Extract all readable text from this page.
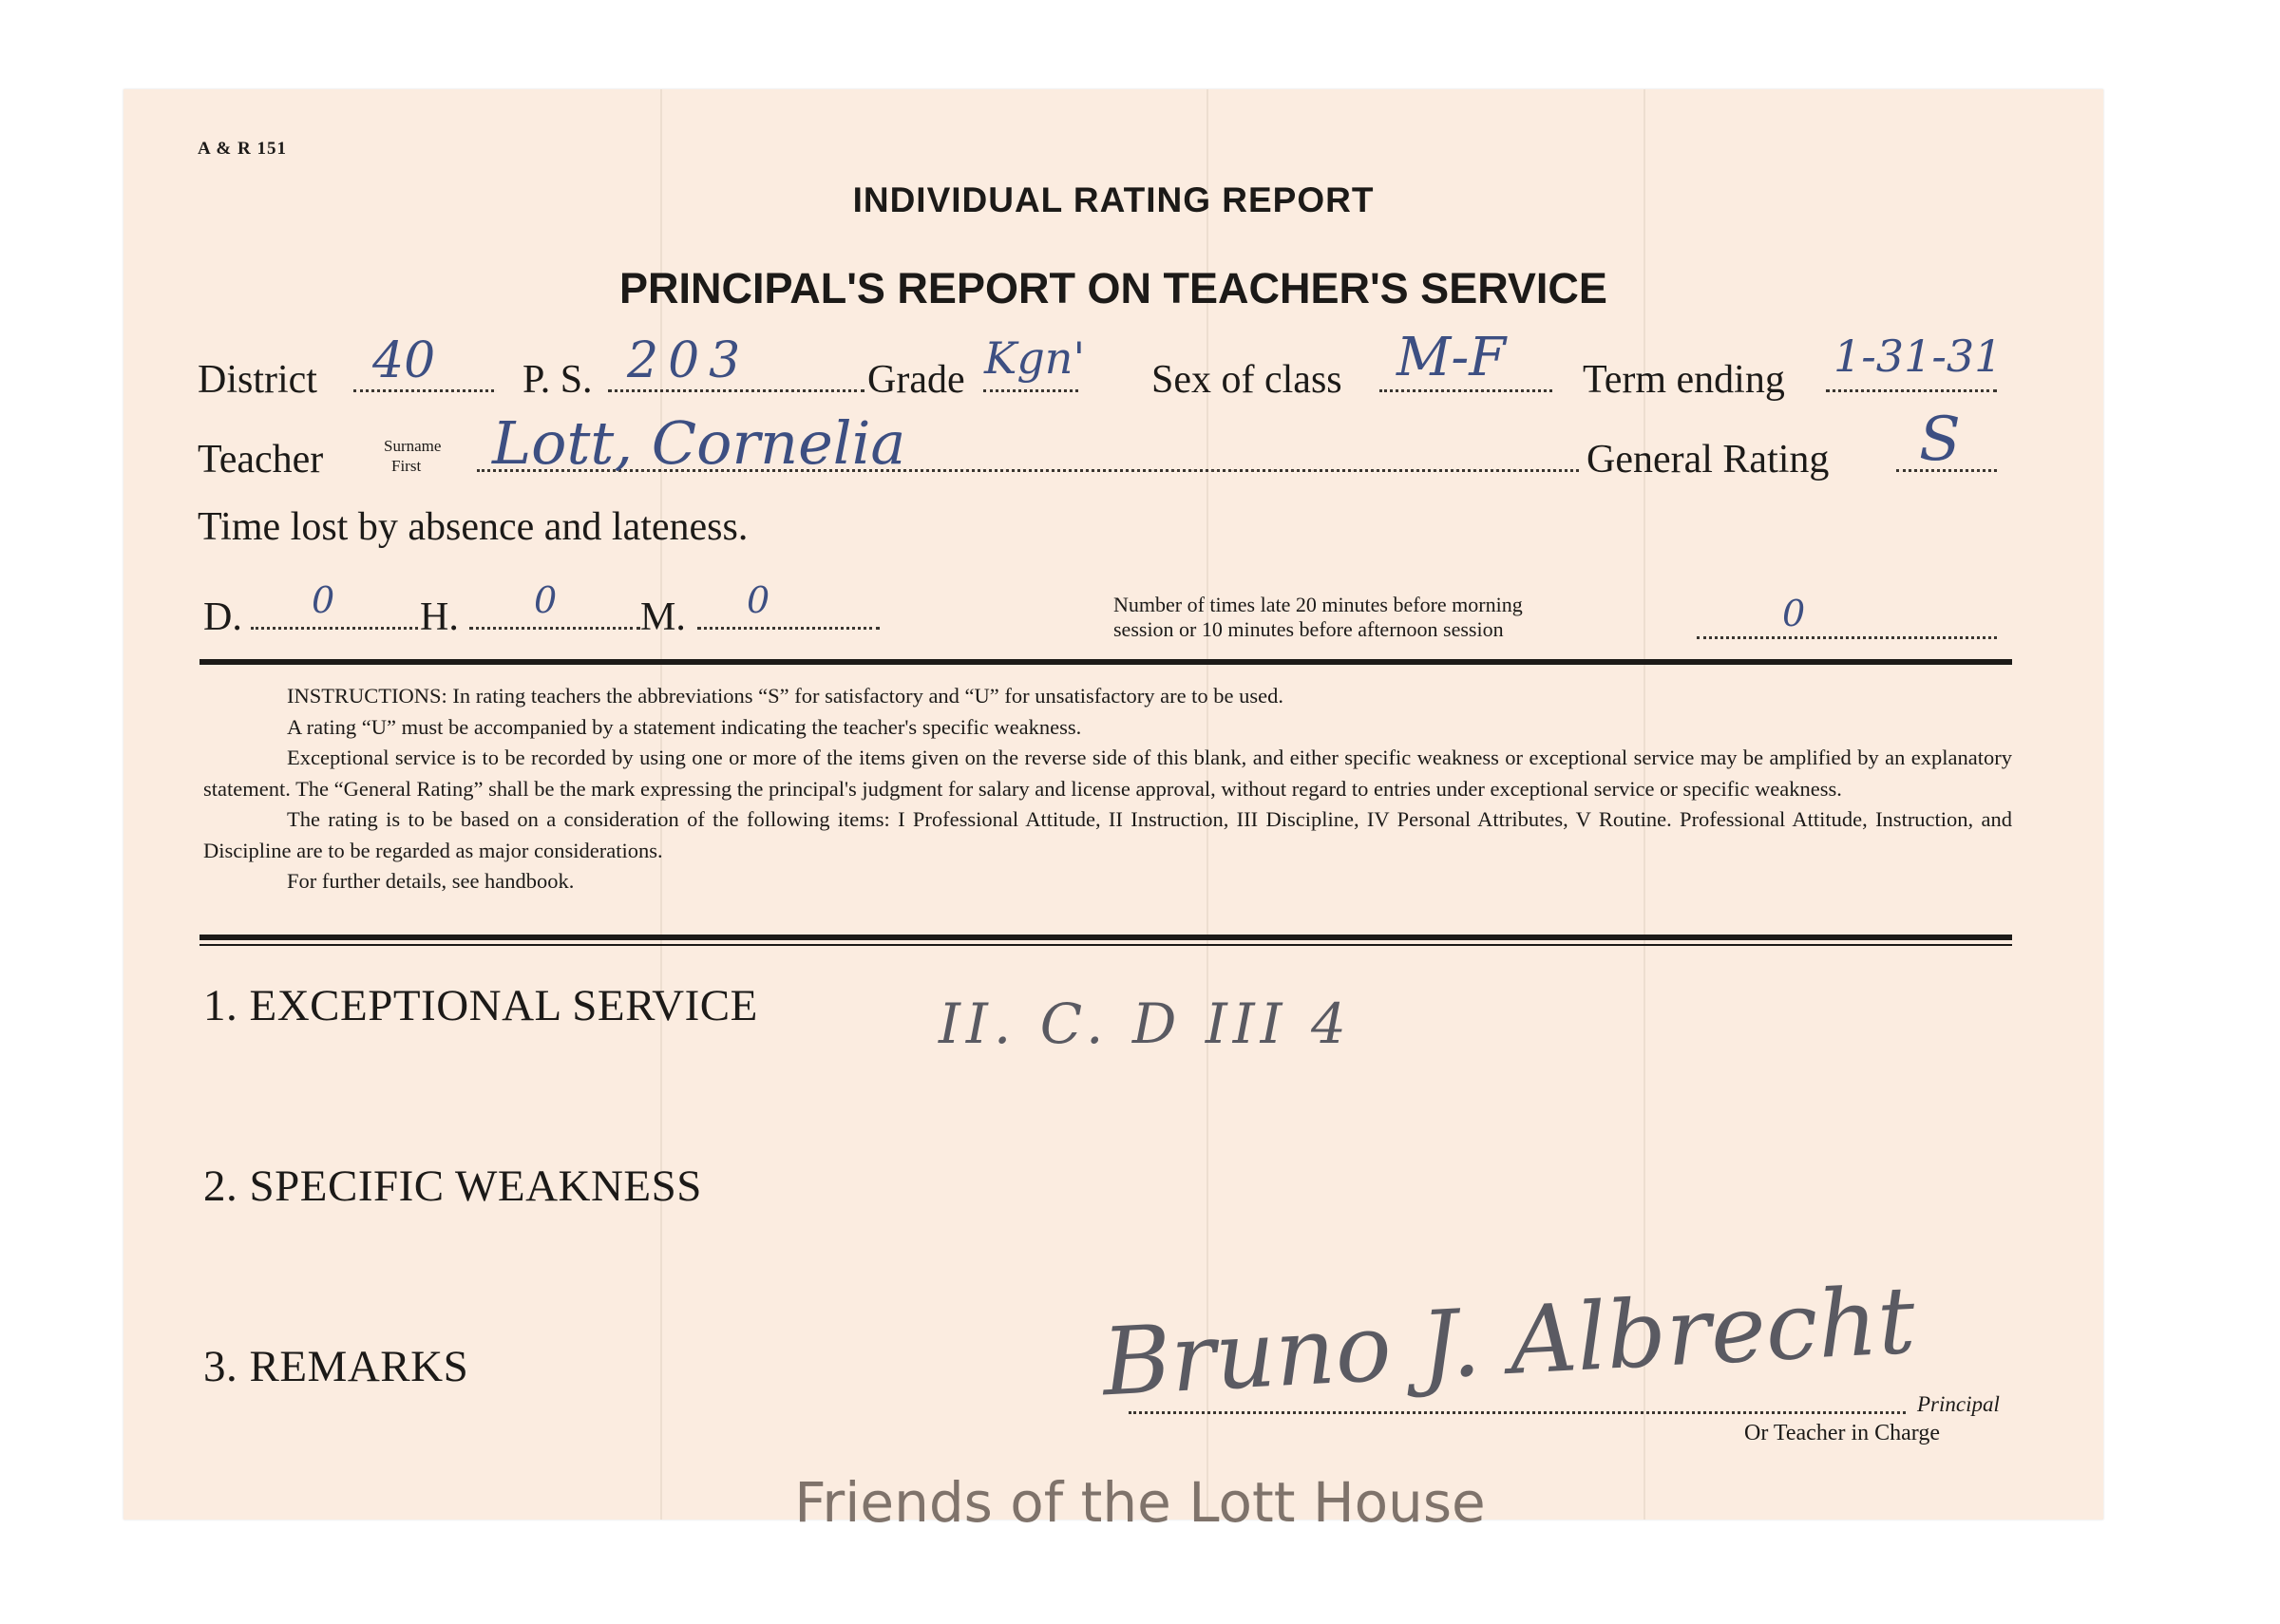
A & R 151
INDIVIDUAL RATING REPORT
PRINCIPAL'S REPORT ON TEACHER'S SERVICE
District 40 P. S. 203	Grade Kgn' Sex of class M-F Term ending 1-31-31
Teacher	Surname
First Lott, Cornelia	General Rating S
Time lost by absence and lateness.
D. 0 H. 0 M. 0	Number of times late 20 minutes before morning
session or 10 minutes before afternoon session	0

INSTRUCTIONS: In rating teachers the abbreviations “S” for satisfactory and “U” for unsatisfactory are to be used.

A rating “U” must be accompanied by a statement indicating the teacher's specific weakness.

Exceptional service is to be recorded by using one or more of the items given on the reverse side of this blank, and either specific weakness or exceptional service may be amplified by an explanatory statement. The “General Rating” shall be the mark expressing the principal's judgment for salary and license approval, without regard to entries under exceptional service or specific weakness.

The rating is to be based on a consideration of the following items: I Professional Attitude, II Instruction, III Discipline, IV Personal Attributes, V Routine. Professional Attitude, Instruction, and Discipline are to be regarded as major considerations.

For further details, see handbook.

1. EXCEPTIONAL SERVICE	II. C. D III 4
2. SPECIFIC WEAKNESS
3. REMARKS	Bruno J. Albrecht Principal
Or Teacher in Charge
Friends of the Lott House
